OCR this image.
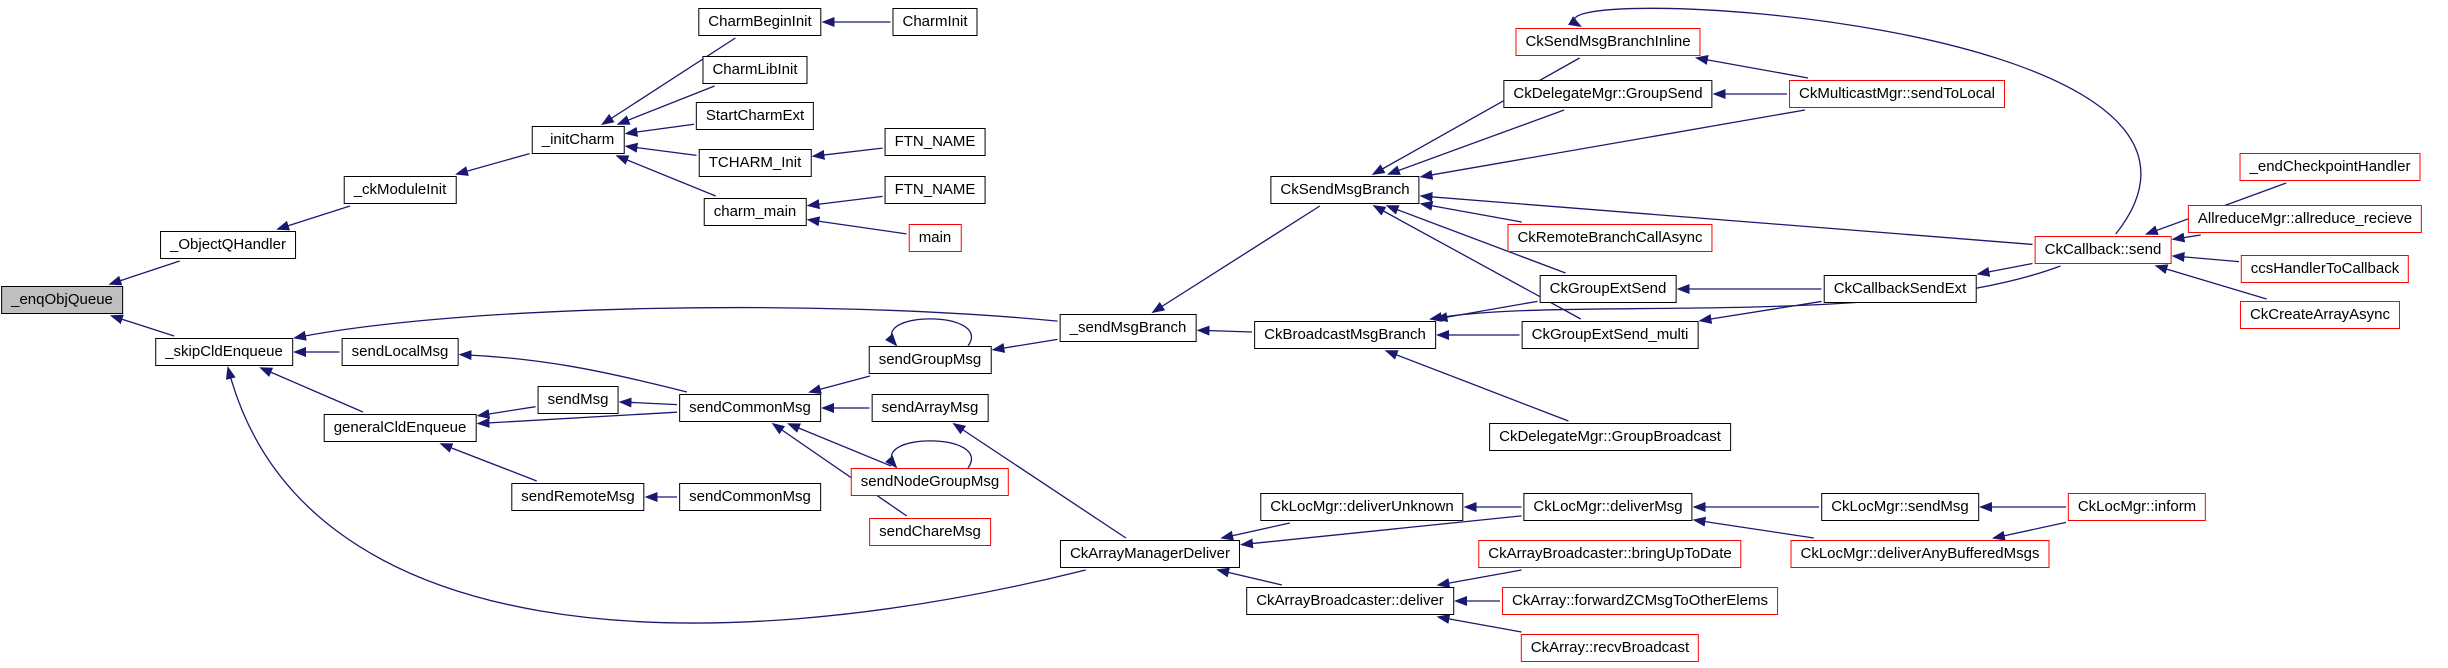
_enqObjQueue
_ObjectQHandler
_ckModuleInit
_initCharm
CharmBeginInit	CharmInit
CharmLibInit
StartCharmExt
TCHARM_Init
FTN_NAME
FTN_NAME
charm_main
main
_skipCldEnqueue	sendLocalMsg
generalCldEnqueue
sendMsg
sendRemoteMsg	sendCommonMsg
sendCommonMsg
sendGroupMsg
sendArrayMsg
sendNodeGroupMsg
sendChareMsg
_sendMsgBranch
CkSendMsgBranch
CkBroadcastMsgBranch
CkArrayManagerDeliver
CkSendMsgBranchInline
CkDelegateMgr::GroupSend	CkMulticastMgr::sendToLocal
CkRemoteBranchCallAsync
CkGroupExtSend
CkGroupExtSend_multi
CkCallbackSendExt
CkCallback::send
CkDelegateMgr::GroupBroadcast
_endCheckpointHandler
AllreduceMgr::allreduce_recieve
ccsHandlerToCallback
CkCreateArrayAsync
CkLocMgr::deliverUnknown	CkLocMgr::deliverMsg	CkLocMgr::sendMsg	CkLocMgr::inform
CkLocMgr::deliverAnyBufferedMsgs
CkArrayBroadcaster::bringUpToDate
CkArrayBroadcaster::deliver	CkArray::forwardZCMsgToOtherElems
CkArray::recvBroadcast
